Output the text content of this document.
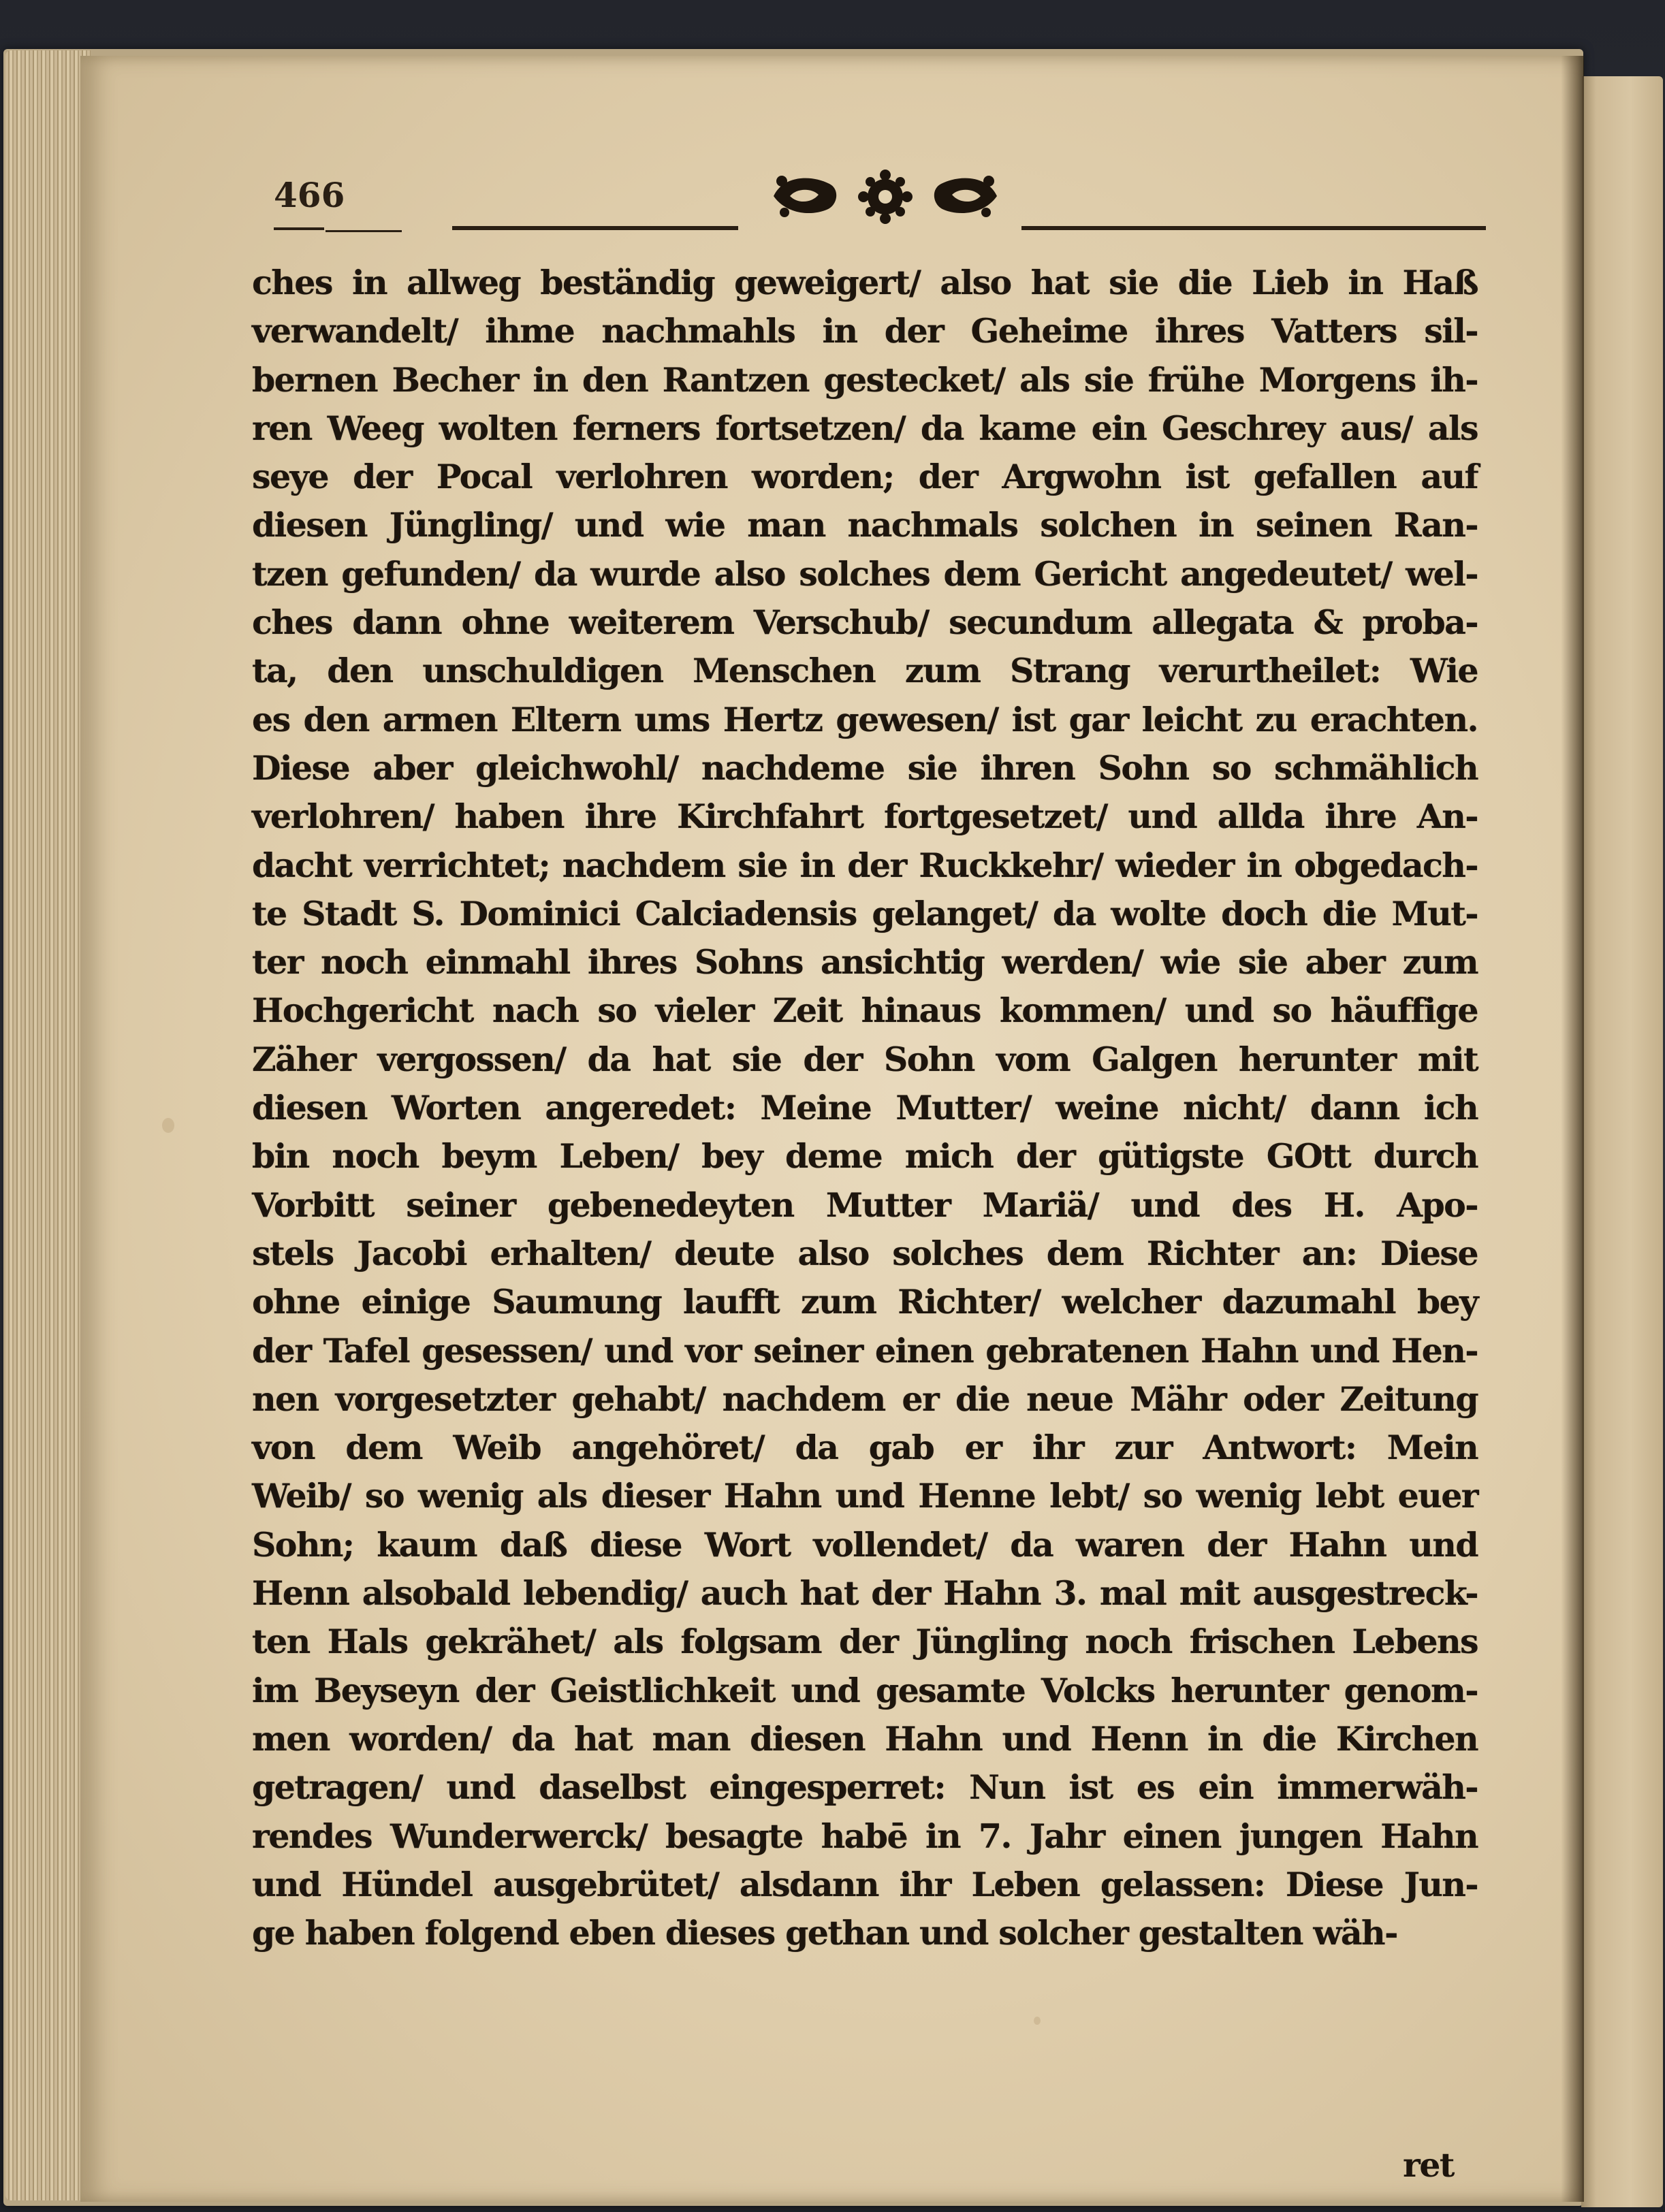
466
ches in allweg beständig geweigert/ also hat sie die Lieb in Haß
verwandelt/ ihme nachmahls in der Geheime ihres Vatters sil-
bernen Becher in den Rantzen gestecket/ als sie frühe Morgens ih-
ren Weeg wolten ferners fortsetzen/ da kame ein Geschrey aus/ als
seye der Pocal verlohren worden; der Argwohn ist gefallen auf
diesen Jüngling/ und wie man nachmals solchen in seinen Ran-
tzen gefunden/ da wurde also solches dem Gericht angedeutet/ wel-
ches dann ohne weiterem Verschub/ secundum allegata & proba-
ta, den unschuldigen Menschen zum Strang verurtheilet: Wie
es den armen Eltern ums Hertz gewesen/ ist gar leicht zu erachten.
Diese aber gleichwohl/ nachdeme sie ihren Sohn so schmählich
verlohren/ haben ihre Kirchfahrt fortgesetzet/ und allda ihre An-
dacht verrichtet; nachdem sie in der Ruckkehr/ wieder in obgedach-
te Stadt S. Dominici Calciadensis gelanget/ da wolte doch die Mut-
ter noch einmahl ihres Sohns ansichtig werden/ wie sie aber zum
Hochgericht nach so vieler Zeit hinaus kommen/ und so häuffige
Zäher vergossen/ da hat sie der Sohn vom Galgen herunter mit
diesen Worten angeredet: Meine Mutter/ weine nicht/ dann ich
bin noch beym Leben/ bey deme mich der gütigste GOtt durch
Vorbitt seiner gebenedeyten Mutter Mariä/ und des H. Apo-
stels Jacobi erhalten/ deute also solches dem Richter an: Diese
ohne einige Saumung laufft zum Richter/ welcher dazumahl bey
der Tafel gesessen/ und vor seiner einen gebratenen Hahn und Hen-
nen vorgesetzter gehabt/ nachdem er die neue Mähr oder Zeitung
von dem Weib angehöret/ da gab er ihr zur Antwort: Mein
Weib/ so wenig als dieser Hahn und Henne lebt/ so wenig lebt euer
Sohn; kaum daß diese Wort vollendet/ da waren der Hahn und
Henn alsobald lebendig/ auch hat der Hahn 3. mal mit ausgestreck-
ten Hals gekrähet/ als folgsam der Jüngling noch frischen Lebens
im Beyseyn der Geistlichkeit und gesamte Volcks herunter genom-
men worden/ da hat man diesen Hahn und Henn in die Kirchen
getragen/ und daselbst eingesperret: Nun ist es ein immerwäh-
rendes Wunderwerck/ besagte habē in 7. Jahr einen jungen Hahn
und Hündel ausgebrütet/ alsdann ihr Leben gelassen: Diese Jun-
ge haben folgend eben dieses gethan und solcher gestalten wäh-

ret
